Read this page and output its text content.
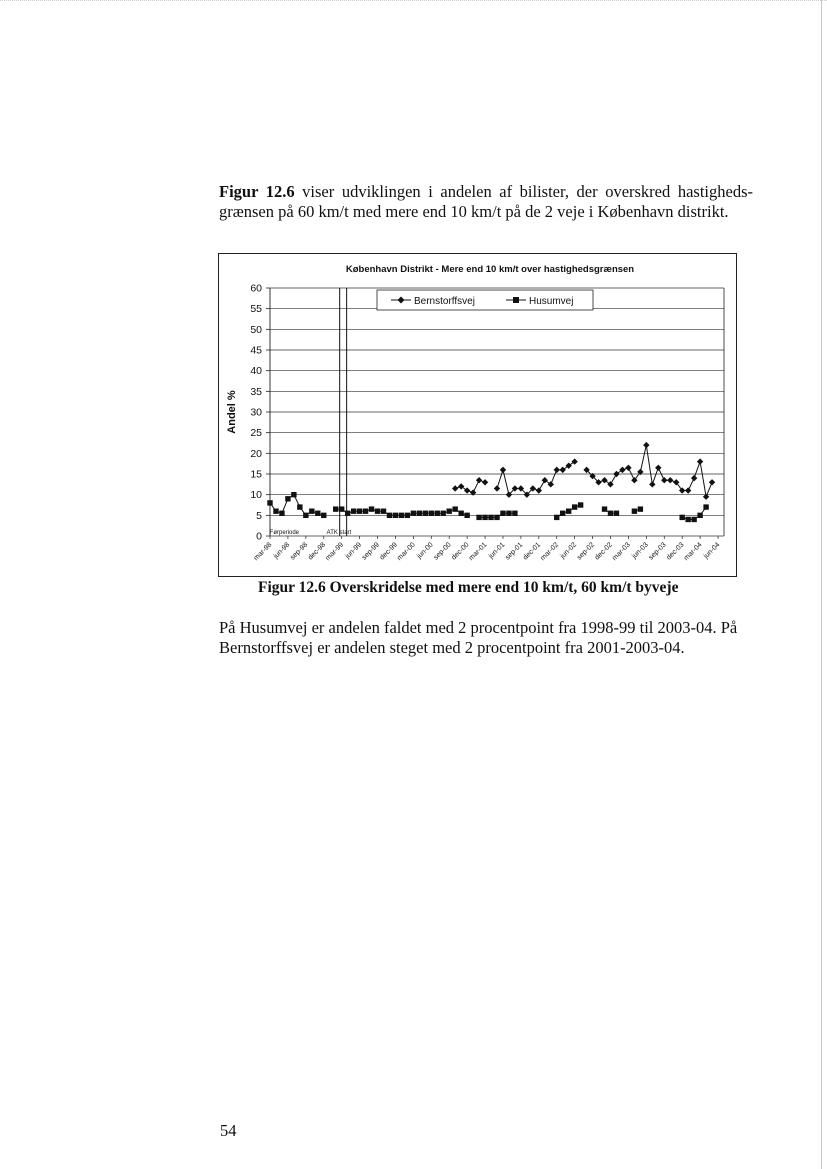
Figur 12.6 viser udviklingen i andelen af bilister, der overskred hastigheds-grænsen på 60 km/t med mere end 10 km/t på de 2 veje i København distrikt.

København Distrikt - Mere end 10 km/t over hastighedsgrænsen
Andel %
0
5
10
15
20
25
30
35
40
45
50
55
60
mar-98 jun-98
sep-98
dec-98
mar-99 jun-99
sep-99
dec-99
mar-00 jun-00
sep-00
dec-00
mar-01 jun-01
sep-01
dec-01
mar-02 jun-02
sep-02
dec-02
mar-03 jun-03
sep-03
dec-03
mar-04 jun-04
Førperiode	ATK start
Bernstorffsvej	Husumvej
Figur 12.6 Overskridelse med mere end 10 km/t, 60 km/t byveje

På Husumvej er andelen faldet med 2 procentpoint fra 1998-99 til 2003-04. På Bernstorffsvej er andelen steget med 2 procentpoint fra 2001-2003-04.

54
